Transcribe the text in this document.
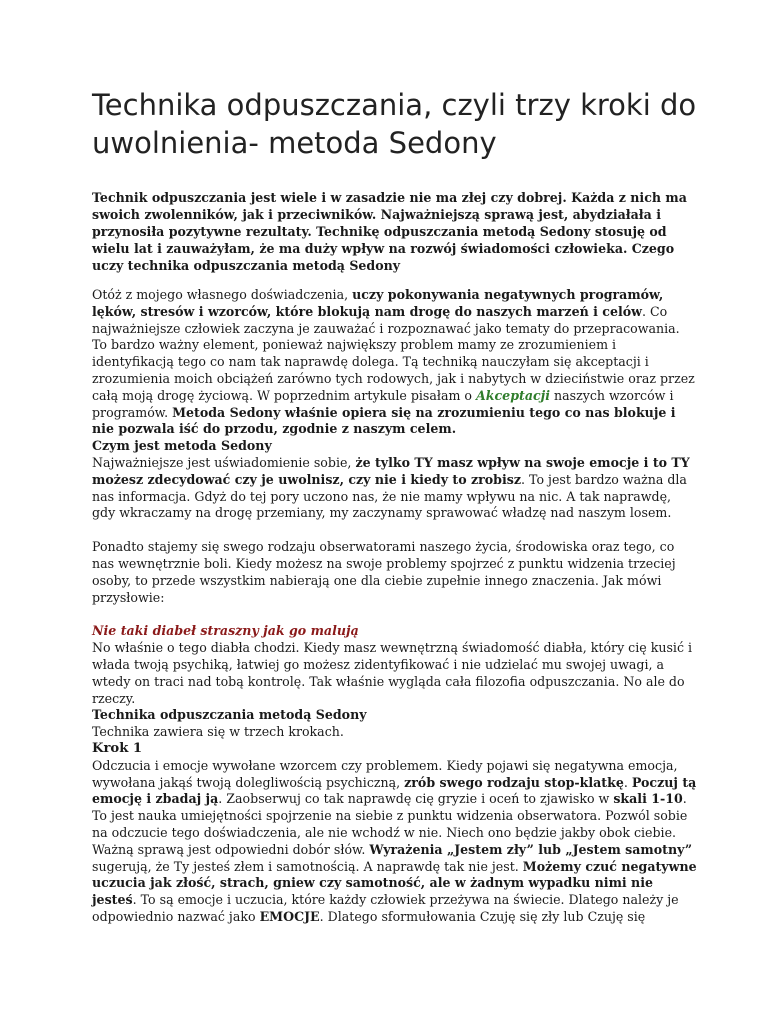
Technika odpuszczania, czyli trzy kroki do uwolnienia- metoda Sedony

Technik odpuszczania jest wiele i w zasadzie nie ma złej czy dobrej. Każda z nich ma swoich zwolenników, jak i przeciwników. Najważniejszą sprawą jest, abydziałała i przynosiła pozytywne rezultaty. Technikę odpuszczania metodą Sedony stosuję od wielu lat i zauważyłam, że ma duży wpływ na rozwój świadomości człowieka. Czego uczy technika odpuszczania metodą Sedony

Otóż z mojego własnego doświadczenia, uczy pokonywania negatywnych programów, lęków, stresów i wzorców, które blokują nam drogę do naszych marzeń i celów. Co najważniejsze człowiek zaczyna je zauważać i rozpoznawać jako tematy do przepracowania. To bardzo ważny element, ponieważ największy problem mamy ze zrozumieniem i identyfikacją tego co nam tak naprawdę dolega. Tą techniką nauczyłam się akceptacji i zrozumienia moich obciążeń zarówno tych rodowych, jak i nabytych w dzieciństwie oraz przez całą moją drogę życiową. W poprzednim artykule pisałam o Akceptacji naszych wzorców i programów. Metoda Sedony właśnie opiera się na zrozumieniu tego co nas blokuje i nie pozwala iść do przodu, zgodnie z naszym celem.

Czym jest metoda Sedony

Najważniejsze jest uświadomienie sobie, że tylko TY masz wpływ na swoje emocje i to TY możesz zdecydować czy je uwolnisz, czy nie i kiedy to zrobisz. To jest bardzo ważna dla nas informacja. Gdyż do tej pory uczono nas, że nie mamy wpływu na nic. A tak naprawdę, gdy wkraczamy na drogę przemiany, my zaczynamy sprawować władzę nad naszym losem.

Ponadto stajemy się swego rodzaju obserwatorami naszego życia, środowiska oraz tego, co nas wewnętrznie boli. Kiedy możesz na swoje problemy spojrzeć z punktu widzenia trzeciej osoby, to przede wszystkim nabierają one dla ciebie zupełnie innego znaczenia. Jak mówi przysłowie:

Nie taki diabeł straszny jak go malują

No właśnie o tego diabła chodzi. Kiedy masz wewnętrzną świadomość diabła, który cię kusić i włada twoją psychiką, łatwiej go możesz zidentyfikować i nie udzielać mu swojej uwagi, a wtedy on traci nad tobą kontrolę. Tak właśnie wygląda cała filozofia odpuszczania. No ale do rzeczy.

Technika odpuszczania metodą Sedony

Technika zawiera się w trzech krokach.

Krok 1

Odczucia i emocje wywołane wzorcem czy problemem. Kiedy pojawi się negatywna emocja, wywołana jakąś twoją dolegliwością psychiczną, zrób swego rodzaju stop-klatkę. Poczuj tą emocję i zbadaj ją. Zaobserwuj co tak naprawdę cię gryzie i oceń to zjawisko w skali 1-10. To jest nauka umiejętności spojrzenie na siebie z punktu widzenia obserwatora. Pozwól sobie na odczucie tego doświadczenia, ale nie wchodź w nie. Niech ono będzie jakby obok ciebie. Ważną sprawą jest odpowiedni dobór słów. Wyrażenia „Jestem zły” lub „Jestem samotny” sugerują, że Ty jesteś złem i samotnością. A naprawdę tak nie jest. Możemy czuć negatywne uczucia jak złość, strach, gniew czy samotność, ale w żadnym wypadku nimi nie jesteś. To są emocje i uczucia, które każdy człowiek przeżywa na świecie. Dlatego należy je odpowiednio nazwać jako EMOCJE. Dlatego sformułowania Czuję się zły lub Czuję się
